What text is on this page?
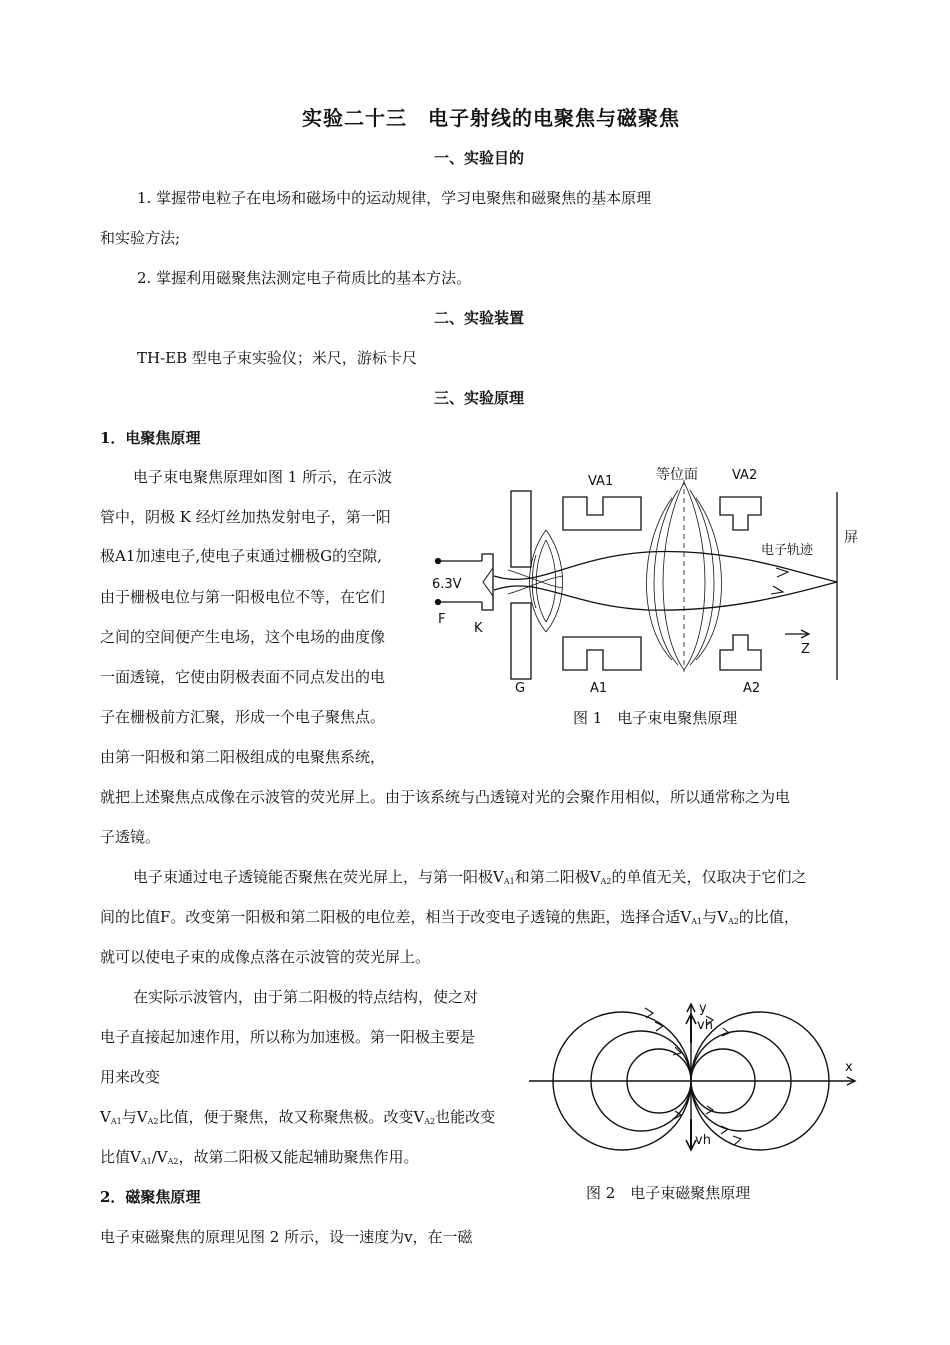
实验二十三　电子射线的电聚焦与磁聚焦
一、实验目的
1. 掌握带电粒子在电场和磁场中的运动规律，学习电聚焦和磁聚焦的基本原理
和实验方法;
2. 掌握利用磁聚焦法测定电子荷质比的基本方法。
二、实验装置
TH-EB 型电子束实验仪；米尺，游标卡尺
三、实验原理
1．电聚焦原理
电子束电聚焦原理如图 1 所示，在示波
管中，阴极 K 经灯丝加热发射电子，第一阳
极A1加速电子,使电子束通过栅极G的空隙,
由于栅极电位与第一阳极电位不等，在它们
之间的空间便产生电场，这个电场的曲度像
一面透镜，它使由阴极表面不同点发出的电
子在栅极前方汇聚，形成一个电子聚焦点。
由第一阳极和第二阳极组成的电聚焦系统，
就把上述聚焦点成像在示波管的荧光屏上。由于该系统与凸透镜对光的会聚作用相似，所以通常称之为电
子透镜。
电子束通过电子透镜能否聚焦在荧光屏上，与第一阳极$V_{A1}$和第二阳极$V_{A2}$的单值无关，仅取决于它们之
间的比值F。改变第一阳极和第二阳极的电位差，相当于改变电子透镜的焦距，选择合适$V_{A1}$与$V_{A2}$的比值，
就可以使电子束的成像点落在示波管的荧光屏上。
在实际示波管内，由于第二阳极的特点结构，使之对
电子直接起加速作用，所以称为加速极。第一阳极主要是
用来改变
$V_{A1}$与$V_{A2}$比值，便于聚焦，故又称聚焦极。改变$V_{A2}$也能改变
比值$V_{A1}/V_{A2}$，故第二阳极又能起辅助聚焦作用。
2．磁聚焦原理
电子束磁聚焦的原理见图 2 所示，设一速度为v，在一磁
VA1	等位面	VA2
屏
电子轨迹
6.3V
F
K
Z
G	A1	A2
图 1　电子束电聚焦原理
y
vh
x
vh
图 2　电子束磁聚焦原理
